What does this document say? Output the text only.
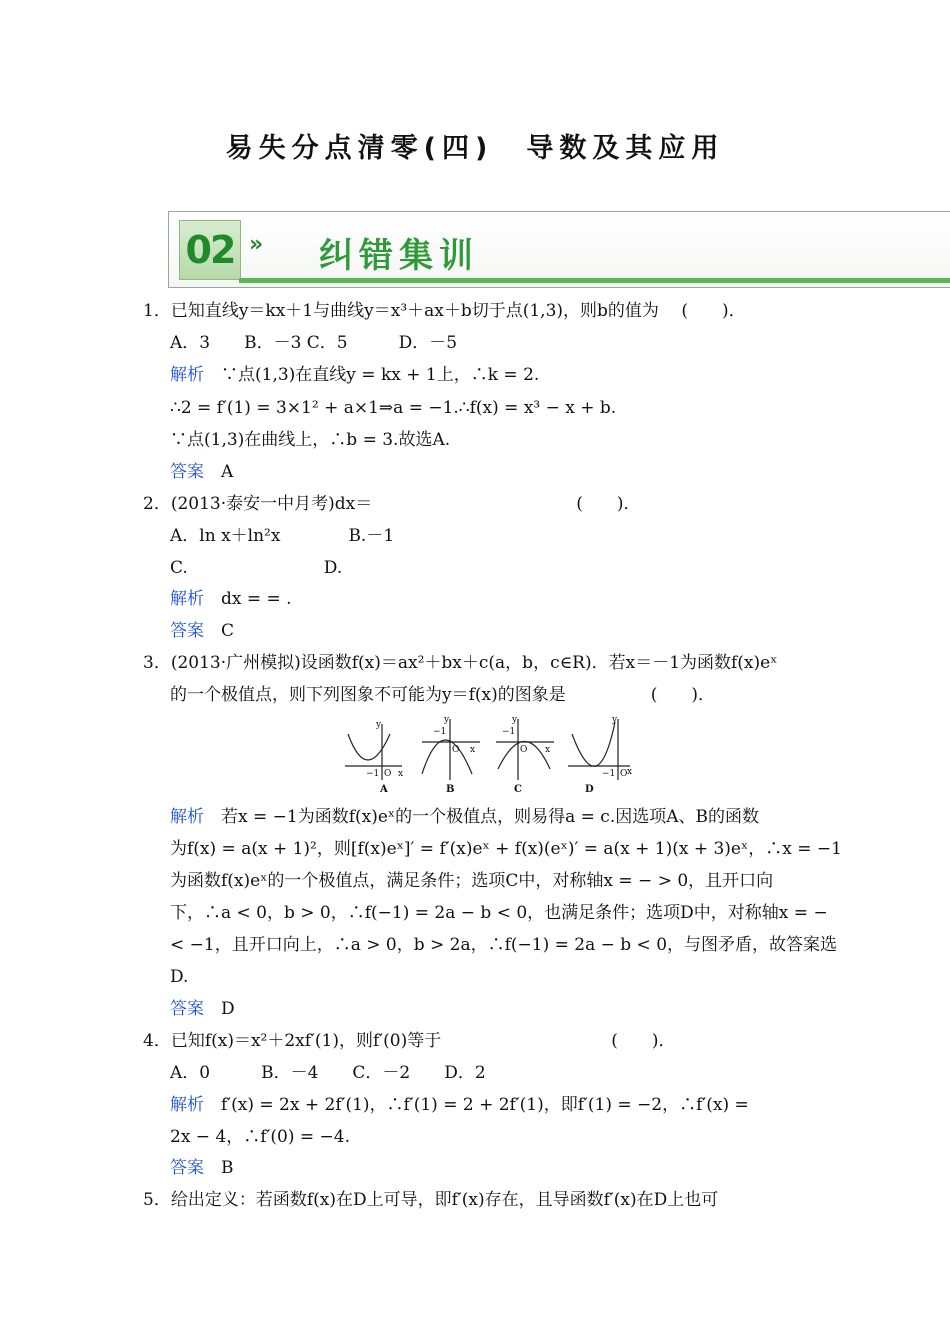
易失分点清零(四)　导数及其应用
02 » 纠错集训
1．已知直线y＝kx＋1与曲线y＝x³＋ax＋b切于点(1,3)，则b的值为　 (　　)．
A．3　　B．－3 C．5　　　D．－5
解析　 ∵点(1,3)在直线y = kx + 1上，∴k = 2.
∴2 = f′(1) = 3×1² + a×1⇒a = −1.∴f(x) = x³ − x + b.
∵点(1,3)在曲线上，∴b = 3.故选A.
答案　 A
2．(2013·泰安一中月考)dx＝　　　　　　　　　　　　(　　)．
A．ln x＋ln²x　　　　B.－1
C.　　　　　　　　D.
解析　 dx = = .
答案　 C
3．(2013·广州模拟)设函数f(x)＝ax²＋bx＋c(a，b，c∈R)．若x＝－1为函数f(x)eˣ
的一个极值点，则下列图象不可能为y＝f(x)的图象是　　　　　(　　)．
y
x
O
−1
y
x
O
−1
y
x
O
−1
y
x
O
−1
A	B	C	D
解析　 若x = −1为函数f(x)eˣ的一个极值点，则易得a = c.因选项A、B的函数
为f(x) = a(x + 1)²，则[f(x)eˣ]′ = f′(x)eˣ + f(x)(eˣ)′ = a(x + 1)(x + 3)eˣ，∴x = −1
为函数f(x)eˣ的一个极值点，满足条件；选项C中，对称轴x = − > 0，且开口向
下，∴a < 0，b > 0，∴f(−1) = 2a − b < 0，也满足条件；选项D中，对称轴x = −
< −1，且开口向上，∴a > 0，b > 2a，∴f(−1) = 2a − b < 0，与图矛盾，故答案选
D.
答案　 D
4．已知f(x)＝x²＋2xf′(1)，则f′(0)等于　　　　　　　　　　(　　)．
A．0　　　B．－4　　C．－2　　D．2
解析　 f′(x) = 2x + 2f′(1)，∴f′(1) = 2 + 2f′(1)，即f′(1) = −2，∴f′(x) =
2x − 4，∴f′(0) = −4.
答案　 B
5．给出定义：若函数f(x)在D上可导，即f′(x)存在，且导函数f′(x)在D上也可
